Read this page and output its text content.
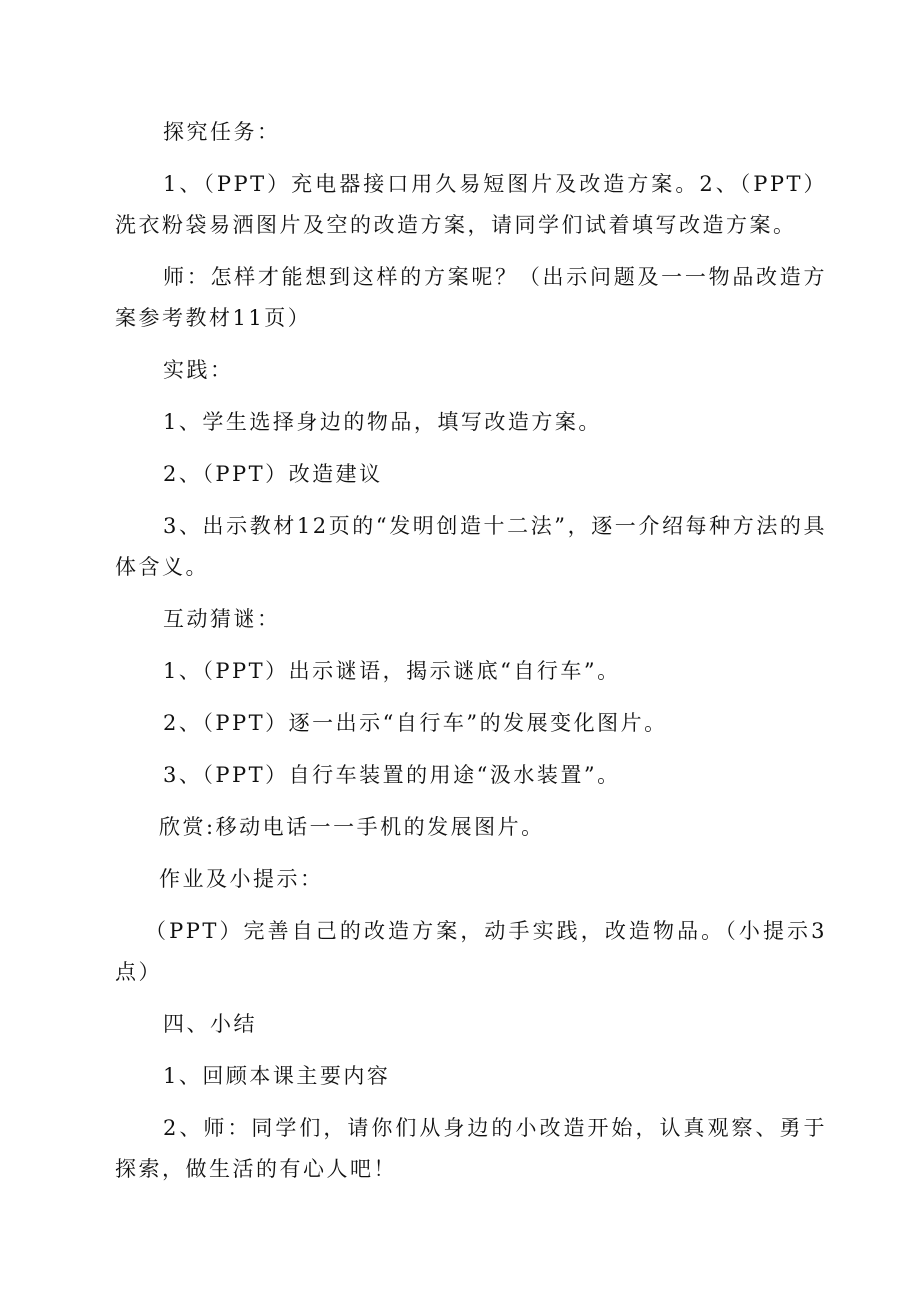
探究任务：

1、（PPT）充电器接口用久易短图片及改造方案。2、（PPT）洗衣粉袋易洒图片及空的改造方案，请同学们试着填写改造方案。

师：怎样才能想到这样的方案呢？（出示问题及一一物品改造方案参考教材11页）

实践：

1、学生选择身边的物品，填写改造方案。

2、（PPT）改造建议

3、出示教材12页的“发明创造十二法”，逐一介绍每种方法的具体含义。

互动猜谜：

1、（PPT）出示谜语，揭示谜底“自行车”。

2、（PPT）逐一出示“自行车”的发展变化图片。

3、（PPT）自行车装置的用途“汲水装置”。

欣赏:移动电话一一手机的发展图片。

作业及小提示：

（PPT）完善自己的改造方案，动手实践，改造物品。（小提示3点）

四、小结

1、回顾本课主要内容

2、师：同学们，请你们从身边的小改造开始，认真观察、勇于探索，做生活的有心人吧！
